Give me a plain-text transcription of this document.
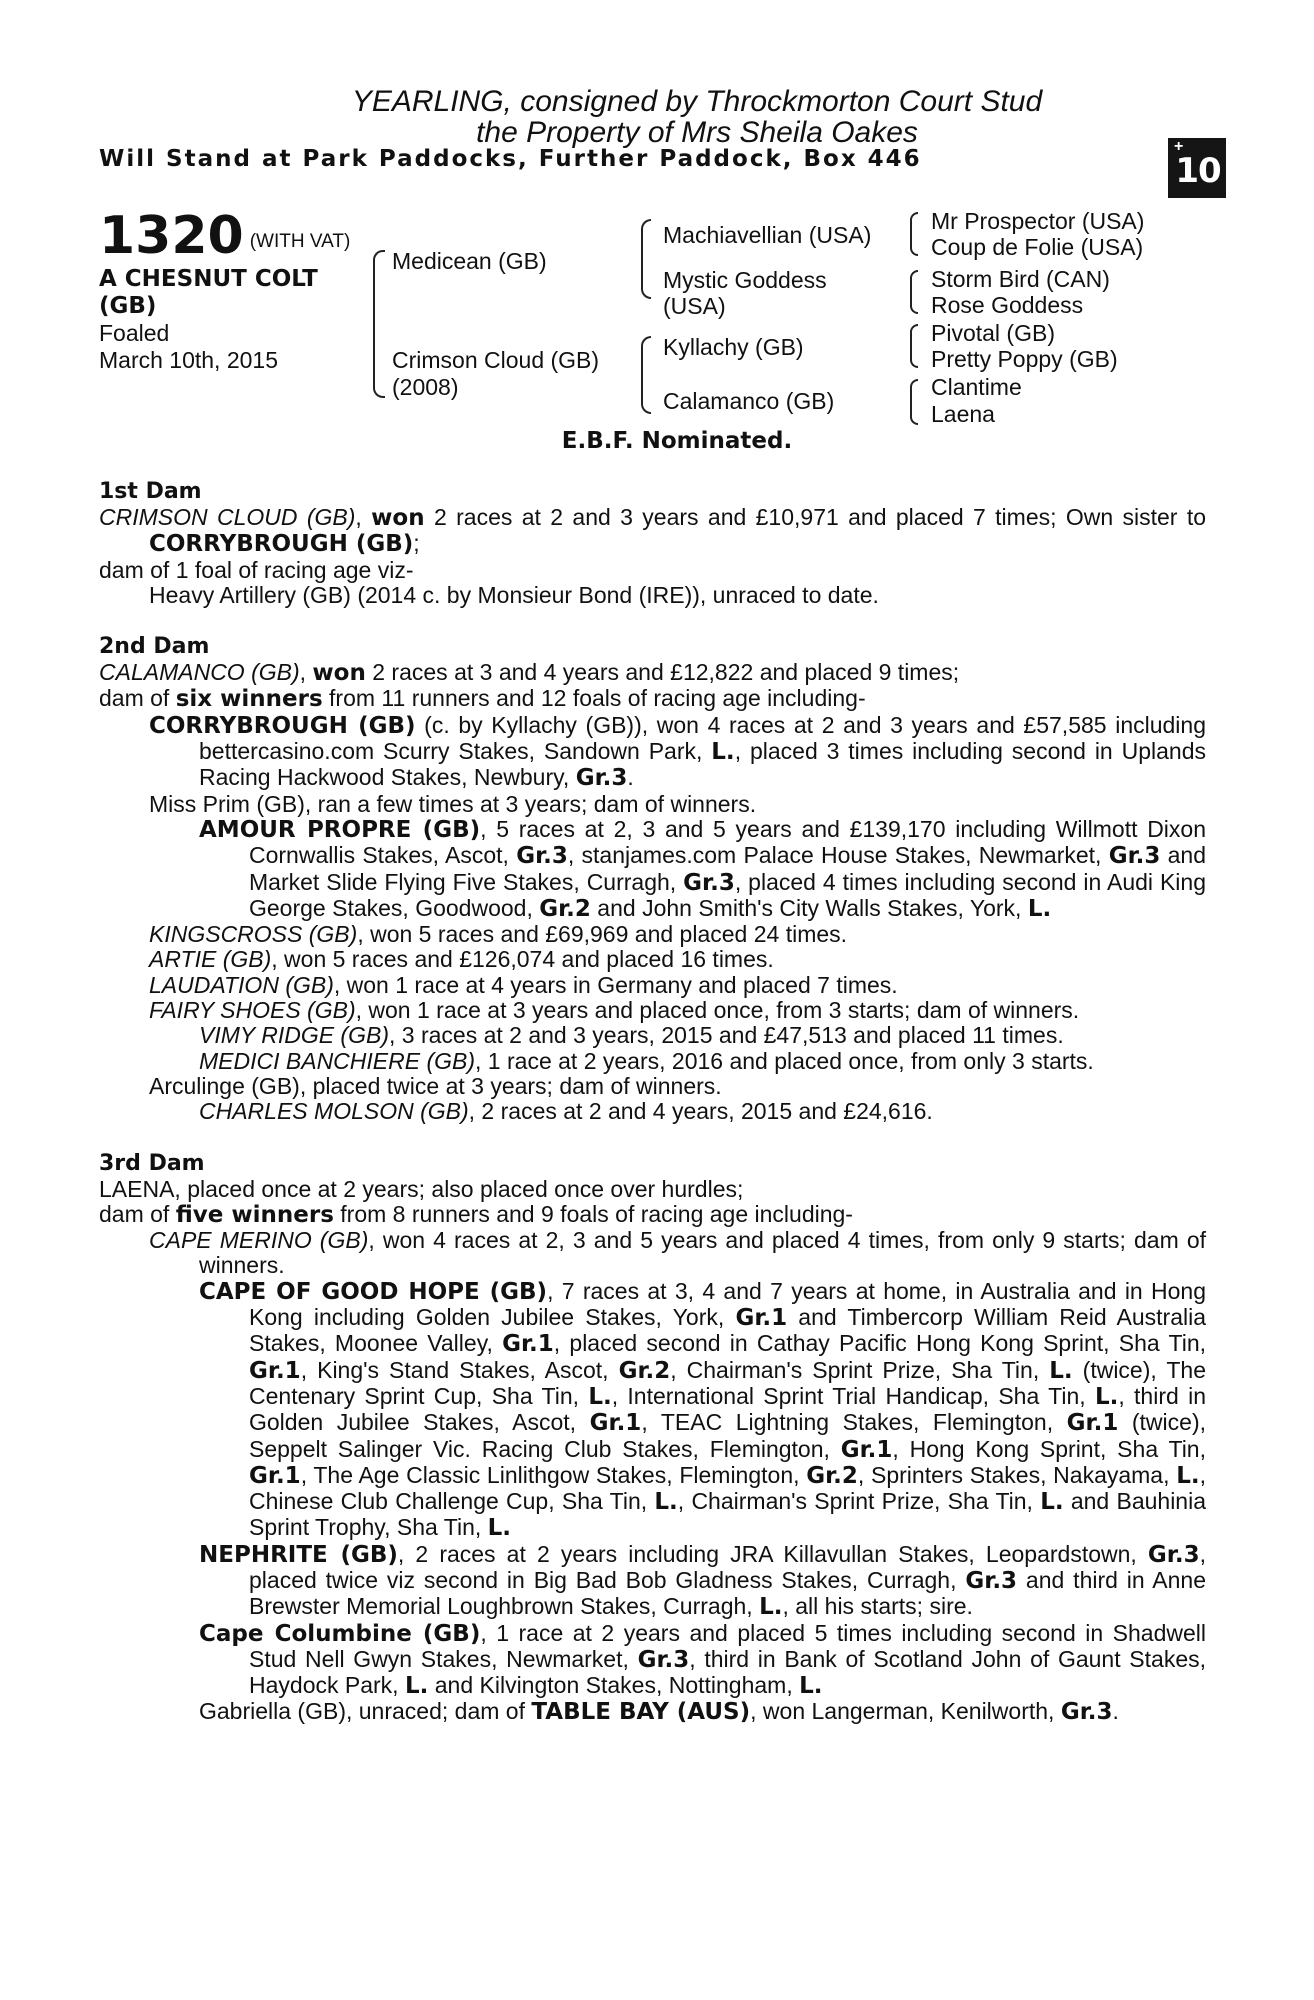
YEARLING, consigned by Throckmorton Court Stud
the Property of Mrs Sheila Oakes
Will Stand at Park Paddocks, Further Paddock, Box 446	+
10
1320 (WITH VAT)
A CHESNUT COLT
(GB)
Foaled
March 10th, 2015
Medicean (GB)
Crimson Cloud (GB)
(2008)
Machiavellian (USA)
Mystic Goddess
(USA)
Kyllachy (GB)
Calamanco (GB)
Mr Prospector (USA)
Coup de Folie (USA)
Storm Bird (CAN)
Rose Goddess
Pivotal (GB)
Pretty Poppy (GB)
Clantime
Laena
E.B.F. Nominated.
1st Dam
CRIMSON CLOUD (GB), won 2 races at 2 and 3 years and £10,971 and placed 7 times; Own sister to CORRYBROUGH (GB);
dam of 1 foal of racing age viz-
Heavy Artillery (GB) (2014 c. by Monsieur Bond (IRE)), unraced to date.
2nd Dam
CALAMANCO (GB), won 2 races at 3 and 4 years and £12,822 and placed 9 times;
dam of six winners from 11 runners and 12 foals of racing age including-
CORRYBROUGH (GB) (c. by Kyllachy (GB)), won 4 races at 2 and 3 years and £57,585 including bettercasino.com Scurry Stakes, Sandown Park, L., placed 3 times including second in Uplands Racing Hackwood Stakes, Newbury, Gr.3.
Miss Prim (GB), ran a few times at 3 years; dam of winners.
AMOUR PROPRE (GB), 5 races at 2, 3 and 5 years and £139,170 including Willmott Dixon Cornwallis Stakes, Ascot, Gr.3, stanjames.com Palace House Stakes, Newmarket, Gr.3 and Market Slide Flying Five Stakes, Curragh, Gr.3, placed 4 times including second in Audi King George Stakes, Goodwood, Gr.2 and John Smith's City Walls Stakes, York, L.
KINGSCROSS (GB), won 5 races and £69,969 and placed 24 times.
ARTIE (GB), won 5 races and £126,074 and placed 16 times.
LAUDATION (GB), won 1 race at 4 years in Germany and placed 7 times.
FAIRY SHOES (GB), won 1 race at 3 years and placed once, from 3 starts; dam of winners.
VIMY RIDGE (GB), 3 races at 2 and 3 years, 2015 and £47,513 and placed 11 times.
MEDICI BANCHIERE (GB), 1 race at 2 years, 2016 and placed once, from only 3 starts.
Arculinge (GB), placed twice at 3 years; dam of winners.
CHARLES MOLSON (GB), 2 races at 2 and 4 years, 2015 and £24,616.
3rd Dam
LAENA, placed once at 2 years; also placed once over hurdles;
dam of five winners from 8 runners and 9 foals of racing age including-
CAPE MERINO (GB), won 4 races at 2, 3 and 5 years and placed 4 times, from only 9 starts; dam of winners.
CAPE OF GOOD HOPE (GB), 7 races at 3, 4 and 7 years at home, in Australia and in Hong Kong including Golden Jubilee Stakes, York, Gr.1 and Timbercorp William Reid Australia Stakes, Moonee Valley, Gr.1, placed second in Cathay Pacific Hong Kong Sprint, Sha Tin, Gr.1, King's Stand Stakes, Ascot, Gr.2, Chairman's Sprint Prize, Sha Tin, L. (twice), The Centenary Sprint Cup, Sha Tin, L., International Sprint Trial Handicap, Sha Tin, L., third in Golden Jubilee Stakes, Ascot, Gr.1, TEAC Lightning Stakes, Flemington, Gr.1 (twice), Seppelt Salinger Vic. Racing Club Stakes, Flemington, Gr.1, Hong Kong Sprint, Sha Tin, Gr.1, The Age Classic Linlithgow Stakes, Flemington, Gr.2, Sprinters Stakes, Nakayama, L., Chinese Club Challenge Cup, Sha Tin, L., Chairman's Sprint Prize, Sha Tin, L. and Bauhinia Sprint Trophy, Sha Tin, L.
NEPHRITE (GB), 2 races at 2 years including JRA Killavullan Stakes, Leopardstown, Gr.3, placed twice viz second in Big Bad Bob Gladness Stakes, Curragh, Gr.3 and third in Anne Brewster Memorial Loughbrown Stakes, Curragh, L., all his starts; sire.
Cape Columbine (GB), 1 race at 2 years and placed 5 times including second in Shadwell Stud Nell Gwyn Stakes, Newmarket, Gr.3, third in Bank of Scotland John of Gaunt Stakes, Haydock Park, L. and Kilvington Stakes, Nottingham, L.
Gabriella (GB), unraced; dam of TABLE BAY (AUS), won Langerman, Kenilworth, Gr.3.
